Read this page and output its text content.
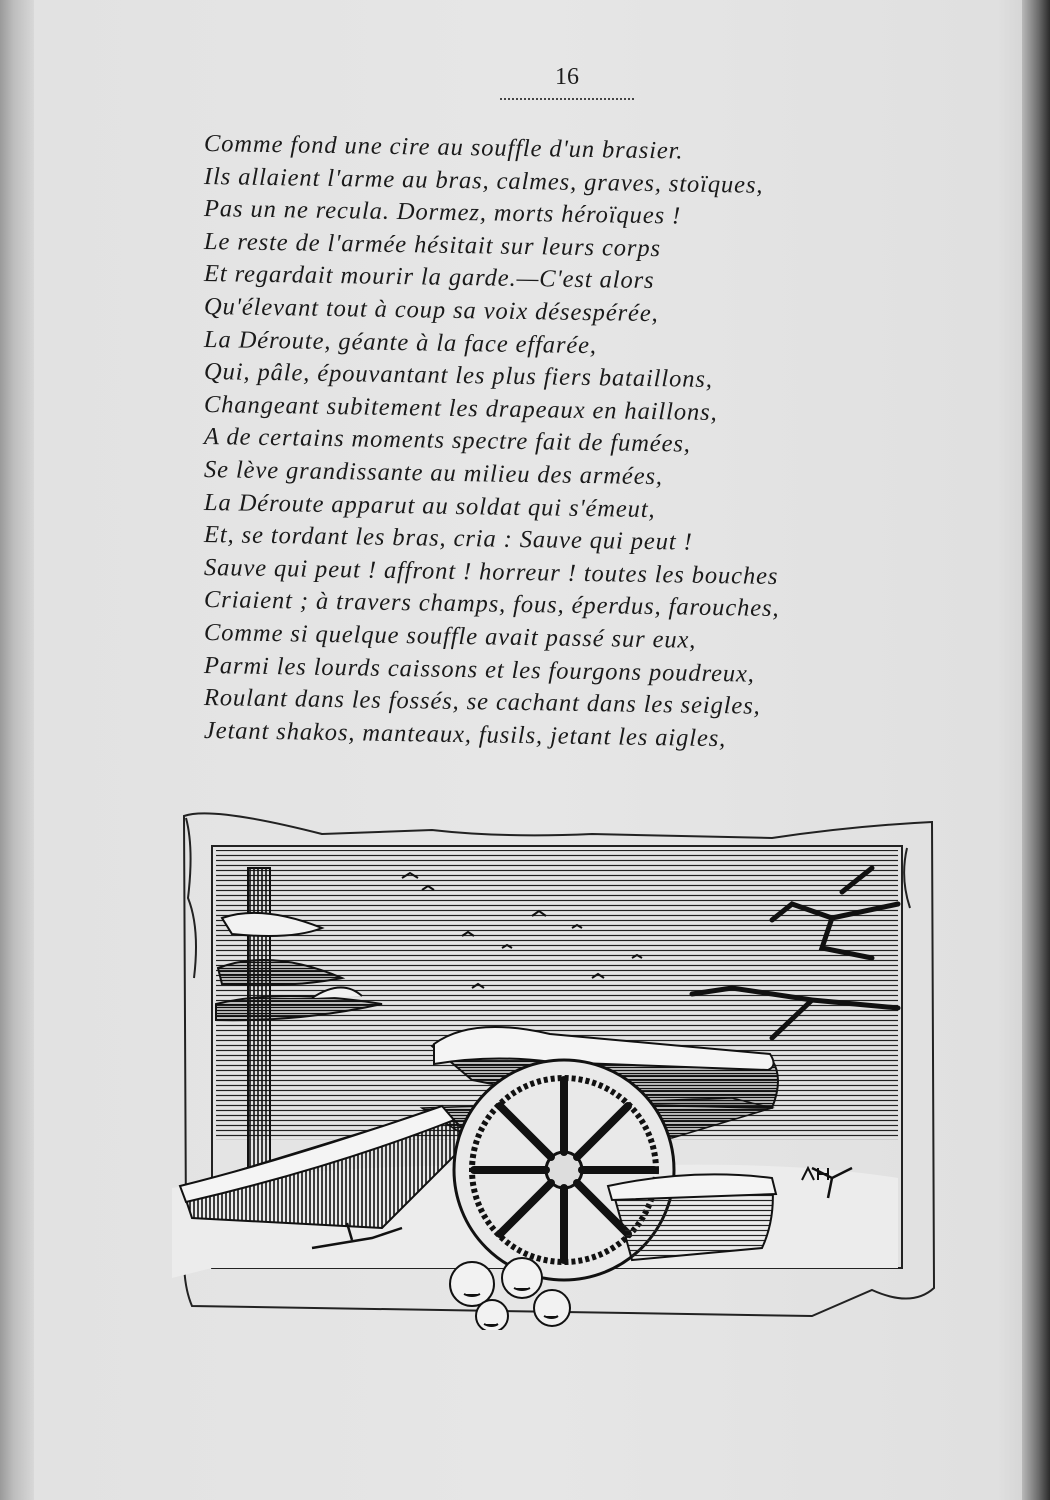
16
Comme fond une cire au souffle d'un brasier.
Ils allaient l'arme au bras, calmes, graves, stoïques,
Pas un ne recula. Dormez, morts héroïques !
Le reste de l'armée hésitait sur leurs corps
Et regardait mourir la garde.—C'est alors
Qu'élevant tout à coup sa voix désespérée,
La Déroute, géante à la face effarée,
Qui, pâle, épouvantant les plus fiers bataillons,
Changeant subitement les drapeaux en haillons,
A de certains moments spectre fait de fumées,
Se lève grandissante au milieu des armées,
La Déroute apparut au soldat qui s'émeut,
Et, se tordant les bras, cria : Sauve qui peut !
Sauve qui peut ! affront ! horreur ! toutes les bouches
Criaient ; à travers champs, fous, éperdus, farouches,
Comme si quelque souffle avait passé sur eux,
Parmi les lourds caissons et les fourgons poudreux,
Roulant dans les fossés, se cachant dans les seigles,
Jetant shakos, manteaux, fusils, jetant les aigles,
